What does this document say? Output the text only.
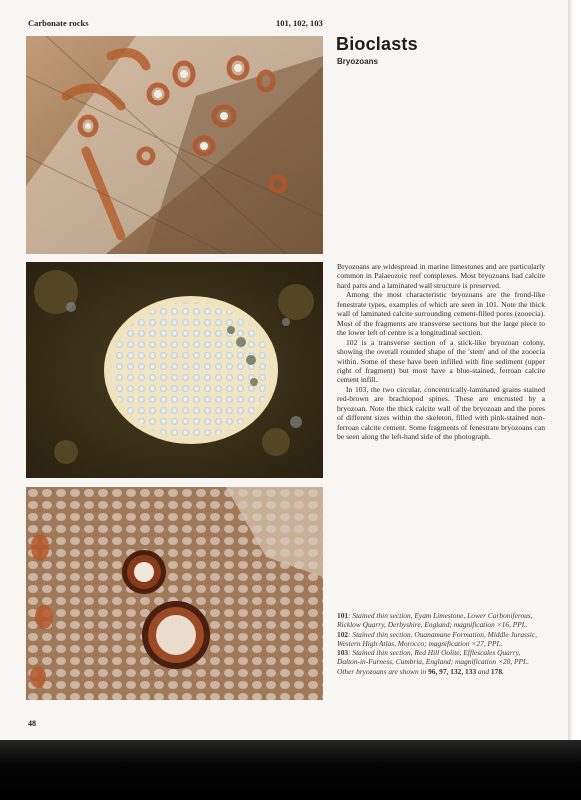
Carbonate rocks	101, 102, 103
Bioclasts
Bryozoans

Bryozoans are widespread in marine limestones and are particularly common in Palaeozoic reef complexes. Most bryozoans had calcite hard parts and a laminated wall structure is preserved.

Among the most characteristic bryozoans are the frond-like fenestrate types, examples of which are seen in 101. Note the thick wall of laminated calcite surrounding cement-filled pores (zooecia). Most of the fragments are transverse sections but the large piece to the lower left of centre is a longitudinal section.

102 is a transverse section of a stick-like bryozoan colony, showing the overall rounded shape of the 'stem' and of the zooecia within. Some of these have been infilled with fine sediment (upper right of fragment) but most have a blue-stained, ferroan calcite cement infill.

In 103, the two circular, concentrically-laminated grains stained red-brown are brachiopod spines. These are encrusted by a bryozoan. Note the thick calcite wall of the bryozoan and the pores of different sizes within the skeleton, filled with pink-stained non-ferroan calcite cement. Some fragments of fenestrate bryozoans can be seen along the left-hand side of the photograph.

101: Stained thin section, Eyam Limestone, Lower Carboniferous, Ricklow Quarry, Derbyshire, England; magnification ×16, PPL.

102: Stained thin section, Ouanamane Formation, Middle Jurassic, Western High Atlas, Morocco; magnification ×27, PPL.

103: Stained thin section, Red Hill Oolite, Efflescales Quarry, Dalton-in-Furness, Cumbria, England; magnification ×20, PPL.

Other bryozoans are shown in 96, 97, 132, 133 and 178.

48
